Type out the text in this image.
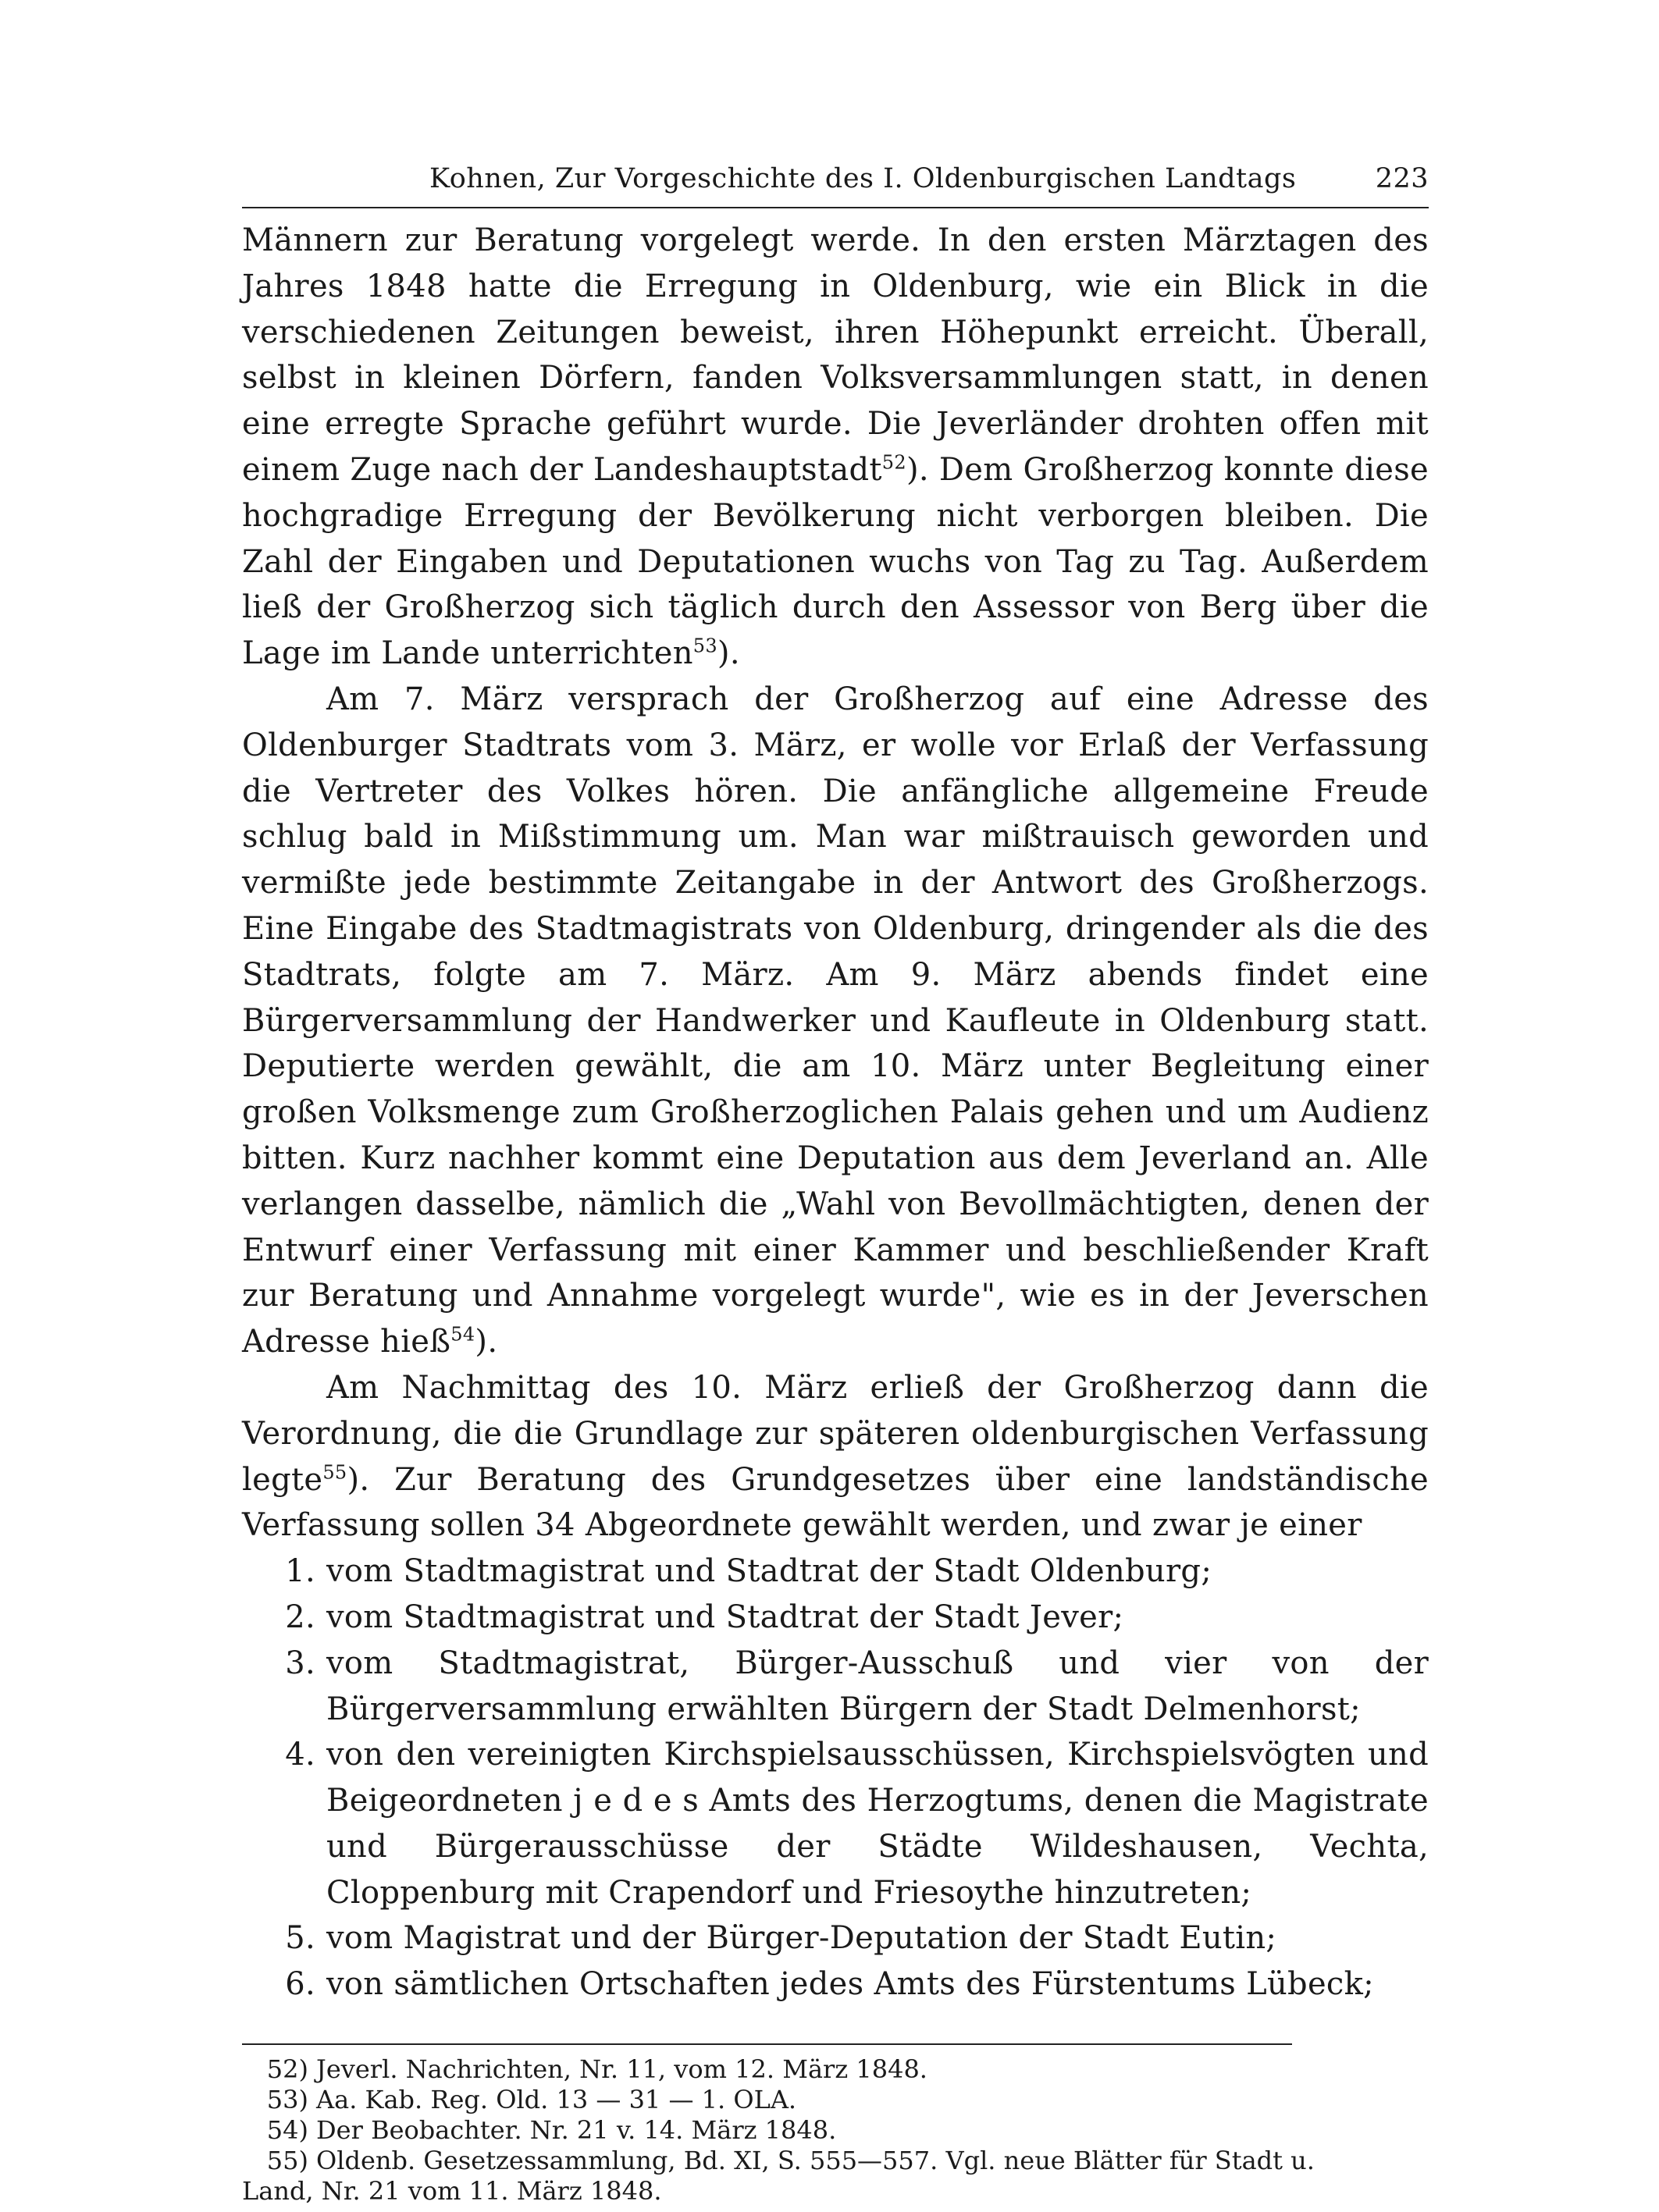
Kohnen, Zur Vorgeschichte des I. Oldenburgischen Landtags	223

Männern zur Beratung vorgelegt werde. In den ersten Märztagen des Jahres 1848 hatte die Erregung in Oldenburg, wie ein Blick in die verschiedenen Zeitungen beweist, ihren Höhepunkt erreicht. Überall, selbst in kleinen Dörfern, fanden Volksversammlungen statt, in denen eine erregte Sprache geführt wurde. Die Jeverländer drohten offen mit einem Zuge nach der Landeshauptstadt$^{52}$). Dem Großherzog konnte diese hochgradige Erregung der Bevölkerung nicht verborgen bleiben. Die Zahl der Eingaben und Deputationen wuchs von Tag zu Tag. Außerdem ließ der Großherzog sich täglich durch den Assessor von Berg über die Lage im Lande unterrichten$^{53}$).

Am 7. März versprach der Großherzog auf eine Adresse des Oldenburger Stadtrats vom 3. März, er wolle vor Erlaß der Verfassung die Vertreter des Volkes hören. Die anfängliche allgemeine Freude schlug bald in Mißstimmung um. Man war mißtrauisch geworden und vermißte jede bestimmte Zeitangabe in der Antwort des Großherzogs. Eine Eingabe des Stadtmagistrats von Oldenburg, dringender als die des Stadtrats, folgte am 7. März. Am 9. März abends findet eine Bürgerversammlung der Handwerker und Kaufleute in Oldenburg statt. Deputierte werden gewählt, die am 10. März unter Begleitung einer großen Volksmenge zum Großherzoglichen Palais gehen und um Audienz bitten. Kurz nachher kommt eine Deputation aus dem Jeverland an. Alle verlangen dasselbe, nämlich die „Wahl von Bevollmächtigten, denen der Entwurf einer Verfassung mit einer Kammer und beschließender Kraft zur Beratung und Annahme vorgelegt wurde", wie es in der Jeverschen Adresse hieß$^{54}$).

Am Nachmittag des 10. März erließ der Großherzog dann die Verordnung, die die Grundlage zur späteren oldenburgischen Verfassung legte$^{55}$). Zur Beratung des Grundgesetzes über eine landständische Verfassung sollen 34 Abgeordnete gewählt werden, und zwar je einer

1. vom Stadtmagistrat und Stadtrat der Stadt Oldenburg;
2. vom Stadtmagistrat und Stadtrat der Stadt Jever;
3. vom Stadtmagistrat, Bürger-Ausschuß und vier von der Bürgerversammlung erwählten Bürgern der Stadt Delmenhorst;
4. von den vereinigten Kirchspielsausschüssen, Kirchspielsvögten und Beigeordneten j e d e s Amts des Herzogtums, denen die Magistrate und Bürgerausschüsse der Städte Wildeshausen, Vechta, Cloppenburg mit Crapendorf und Friesoythe hinzutreten;
5. vom Magistrat und der Bürger-Deputation der Stadt Eutin;
6. von sämtlichen Ortschaften jedes Amts des Fürstentums Lübeck;
52) Jeverl. Nachrichten, Nr. 11, vom 12. März 1848.
53) Aa. Kab. Reg. Old. 13 — 31 — 1. OLA.
54) Der Beobachter. Nr. 21 v. 14. März 1848.
55) Oldenb. Gesetzessammlung, Bd. XI, S. 555—557. Vgl. neue Blätter für Stadt u.
Land, Nr. 21 vom 11. März 1848.
